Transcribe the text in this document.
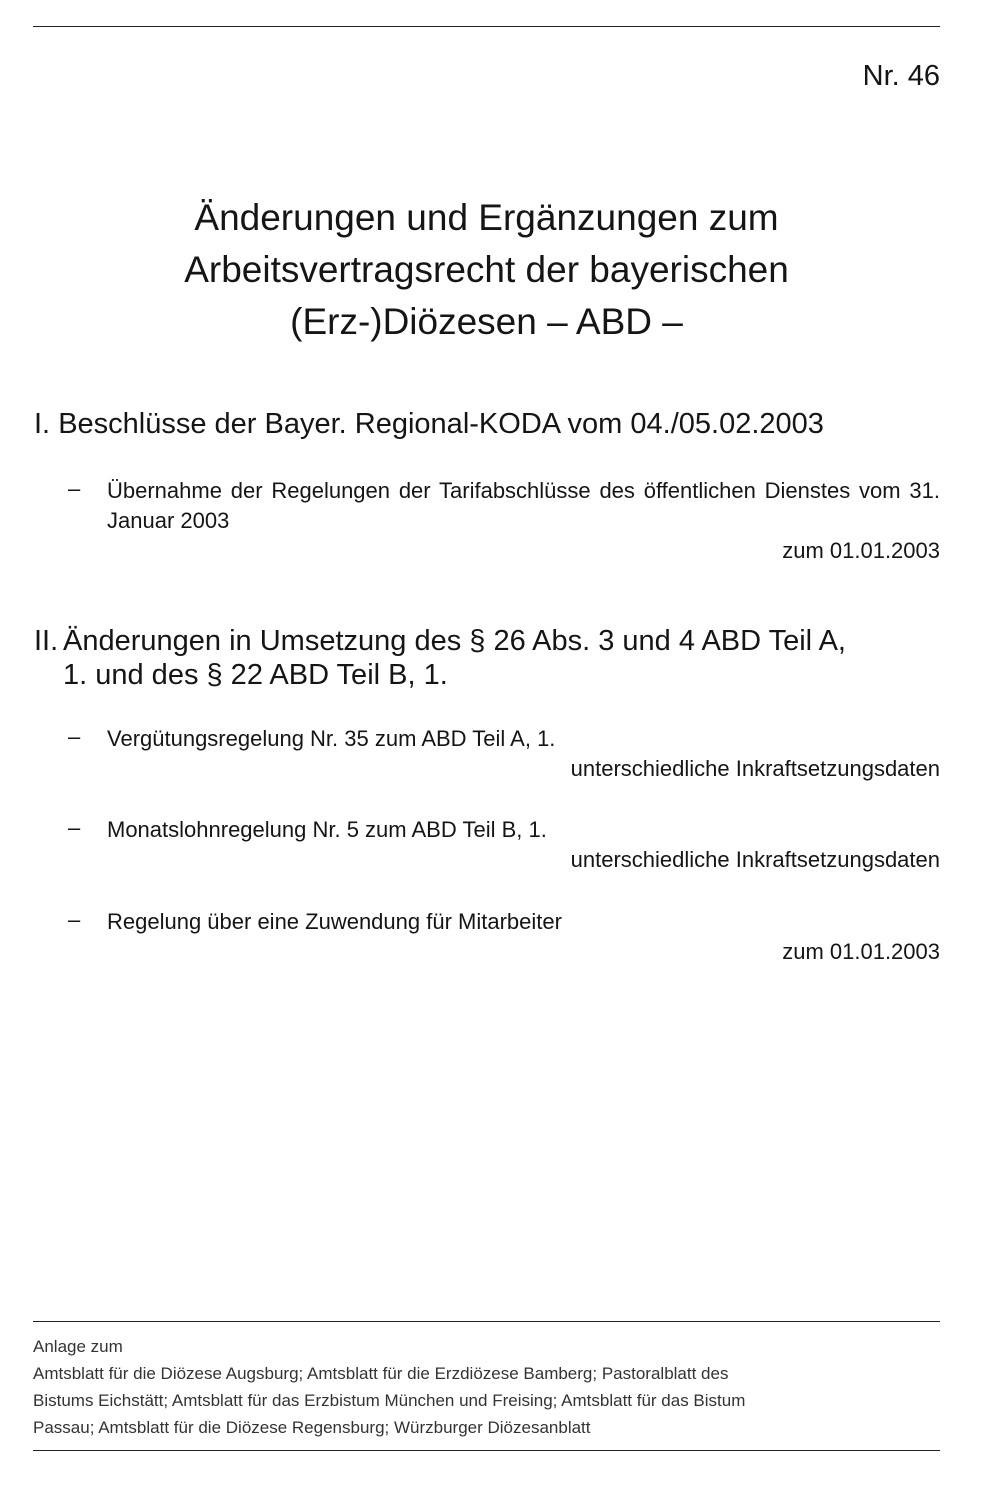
Nr. 46
Änderungen und Ergänzungen zum
Arbeitsvertragsrecht der bayerischen
(Erz-)Diözesen – ABD –
I. Beschlüsse der Bayer. Regional-KODA vom 04./05.02.2003
– Übernahme der Regelungen der Tarifabschlüsse des öffentlichen Dienstes vom 31. Januar 2003
zum 01.01.2003
II. Änderungen in Umsetzung des § 26 Abs. 3 und 4 ABD Teil A,
1. und des § 22 ABD Teil B, 1.
– Vergütungsregelung Nr. 35 zum ABD Teil A, 1.
unterschiedliche Inkraftsetzungsdaten
– Monatslohnregelung Nr. 5 zum ABD Teil B, 1.
unterschiedliche Inkraftsetzungsdaten
– Regelung über eine Zuwendung für Mitarbeiter
zum 01.01.2003
Anlage zum
Amtsblatt für die Diözese Augsburg; Amtsblatt für die Erzdiözese Bamberg; Pastoralblatt des
Bistums Eichstätt; Amtsblatt für das Erzbistum München und Freising; Amtsblatt für das Bistum
Passau; Amtsblatt für die Diözese Regensburg; Würzburger Diözesanblatt
